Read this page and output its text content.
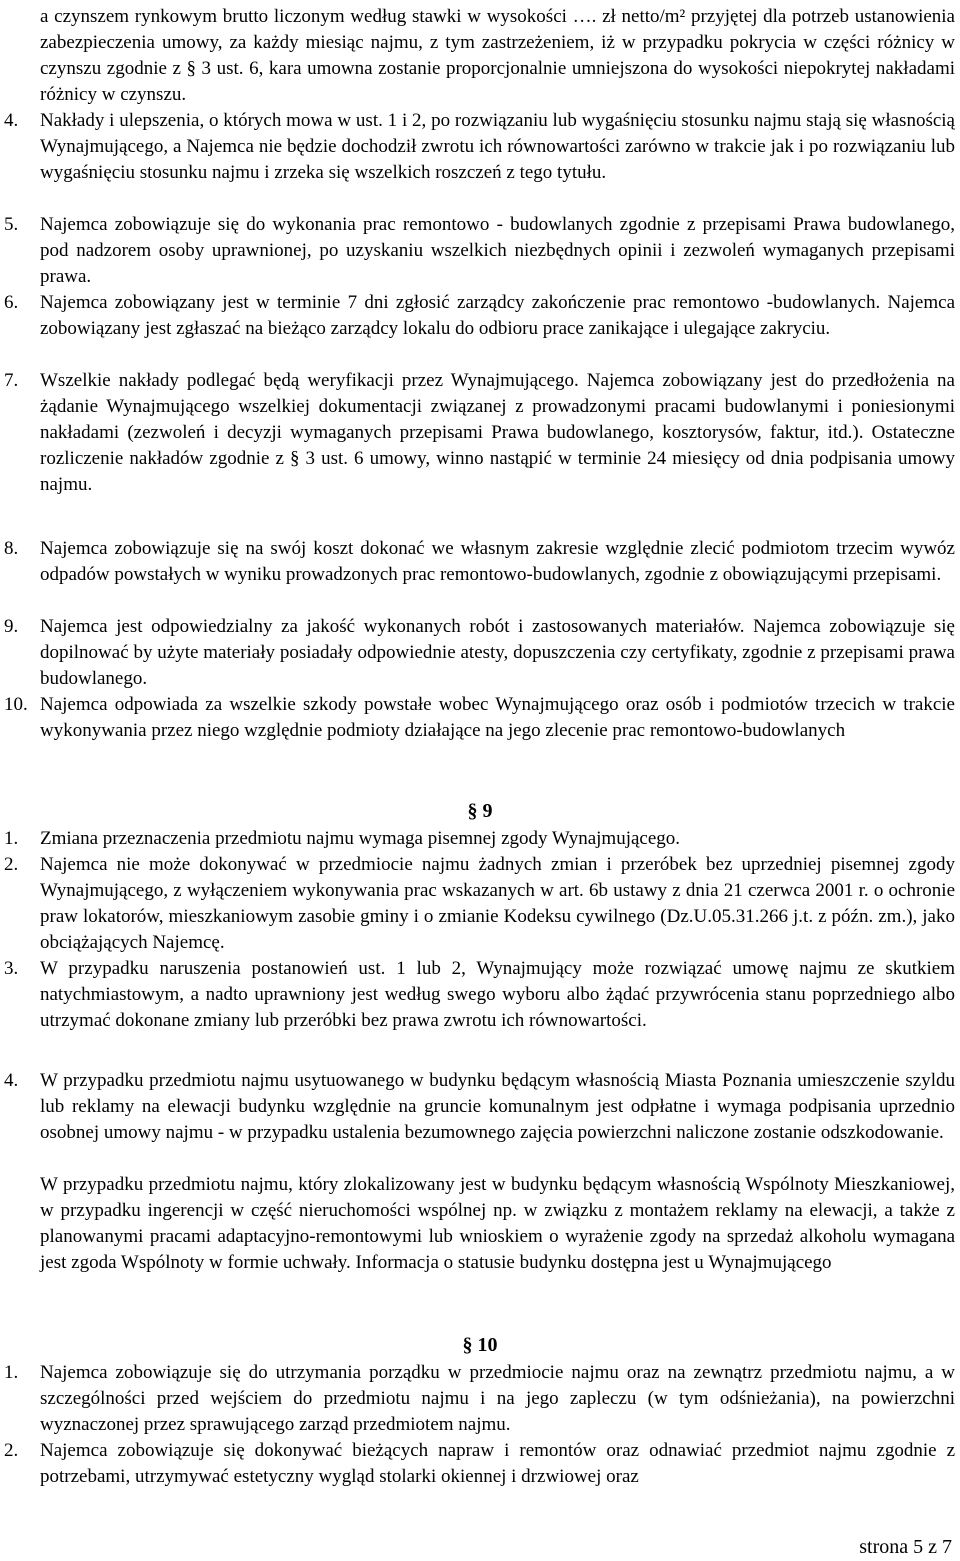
a czynszem rynkowym brutto liczonym według stawki w wysokości …. zł netto/m² przyjętej dla potrzeb ustanowienia zabezpieczenia umowy, za każdy miesiąc najmu, z tym zastrzeżeniem, iż w przypadku pokrycia w części różnicy w czynszu zgodnie z § 3 ust. 6, kara umowna zostanie proporcjonalnie umniejszona do wysokości niepokrytej nakładami różnicy w czynszu.

4.	Nakłady i ulepszenia, o których mowa w ust. 1 i 2, po rozwiązaniu lub wygaśnięciu stosunku najmu stają się własnością Wynajmującego, a Najemca nie będzie dochodził zwrotu ich równowartości zarówno w trakcie jak i po rozwiązaniu lub wygaśnięciu stosunku najmu i zrzeka się wszelkich roszczeń z tego tytułu.

5.	Najemca zobowiązuje się do wykonania prac remontowo - budowlanych zgodnie z przepisami Prawa budowlanego, pod nadzorem osoby uprawnionej, po uzyskaniu wszelkich niezbędnych opinii i zezwoleń wymaganych przepisami prawa.

6.	Najemca zobowiązany jest w terminie 7 dni zgłosić zarządcy zakończenie prac remontowo -budowlanych. Najemca zobowiązany jest zgłaszać na bieżąco zarządcy lokalu do odbioru prace zanikające i ulegające zakryciu.

7.	Wszelkie nakłady podlegać będą weryfikacji przez Wynajmującego. Najemca zobowiązany jest do przedłożenia na żądanie Wynajmującego wszelkiej dokumentacji związanej z prowadzonymi pracami budowlanymi i poniesionymi nakładami (zezwoleń i decyzji wymaganych przepisami Prawa budowlanego, kosztorysów, faktur, itd.). Ostateczne rozliczenie nakładów zgodnie z § 3 ust. 6 umowy, winno nastąpić w terminie 24 miesięcy od dnia podpisania umowy najmu.

8.	Najemca zobowiązuje się na swój koszt dokonać we własnym zakresie względnie zlecić podmiotom trzecim wywóz odpadów powstałych w wyniku prowadzonych prac remontowo-budowlanych, zgodnie z obowiązującymi przepisami.

9.	Najemca jest odpowiedzialny za jakość wykonanych robót i zastosowanych materiałów. Najemca zobowiązuje się dopilnować by użyte materiały posiadały odpowiednie atesty, dopuszczenia czy certyfikaty, zgodnie z przepisami prawa budowlanego.

10. Najemca odpowiada za wszelkie szkody powstałe wobec Wynajmującego oraz osób i podmiotów trzecich w trakcie wykonywania przez niego względnie podmioty działające na jego zlecenie prac remontowo-budowlanych

§ 9
1.	Zmiana przeznaczenia przedmiotu najmu wymaga pisemnej zgody Wynajmującego.

2.	Najemca nie może dokonywać w przedmiocie najmu żadnych zmian i przeróbek bez uprzedniej pisemnej zgody Wynajmującego, z wyłączeniem wykonywania prac wskazanych w art. 6b ustawy z dnia 21 czerwca 2001 r. o ochronie praw lokatorów, mieszkaniowym zasobie gminy i o zmianie Kodeksu cywilnego (Dz.U.05.31.266 j.t. z późn. zm.), jako obciążających Najemcę.

3.	W przypadku naruszenia postanowień ust. 1 lub 2, Wynajmujący może rozwiązać umowę najmu ze skutkiem natychmiastowym, a nadto uprawniony jest według swego wyboru albo żądać przywrócenia stanu poprzedniego albo utrzymać dokonane zmiany lub przeróbki bez prawa zwrotu ich równowartości.

4.	W przypadku przedmiotu najmu usytuowanego w budynku będącym własnością Miasta Poznania umieszczenie szyldu lub reklamy na elewacji budynku względnie na gruncie komunalnym jest odpłatne i wymaga podpisania uprzednio osobnej umowy najmu - w przypadku ustalenia bezumownego zajęcia powierzchni naliczone zostanie odszkodowanie.

W przypadku przedmiotu najmu, który zlokalizowany jest w budynku będącym własnością Wspólnoty Mieszkaniowej, w przypadku ingerencji w część nieruchomości wspólnej np. w związku z montażem reklamy na elewacji, a także z planowanymi pracami adaptacyjno-remontowymi lub wnioskiem o wyrażenie zgody na sprzedaż alkoholu wymagana jest zgoda Wspólnoty w formie uchwały. Informacja o statusie budynku dostępna jest u Wynajmującego

§ 10
1.	Najemca zobowiązuje się do utrzymania porządku w przedmiocie najmu oraz na zewnątrz przedmiotu najmu, a w szczególności przed wejściem do przedmiotu najmu i na jego zapleczu (w tym odśnieżania), na powierzchni wyznaczonej przez sprawującego zarząd przedmiotem najmu.

2.	Najemca zobowiązuje się dokonywać bieżących napraw i remontów oraz odnawiać przedmiot najmu zgodnie z potrzebami, utrzymywać estetyczny wygląd stolarki okiennej i drzwiowej oraz

strona 5 z 7
